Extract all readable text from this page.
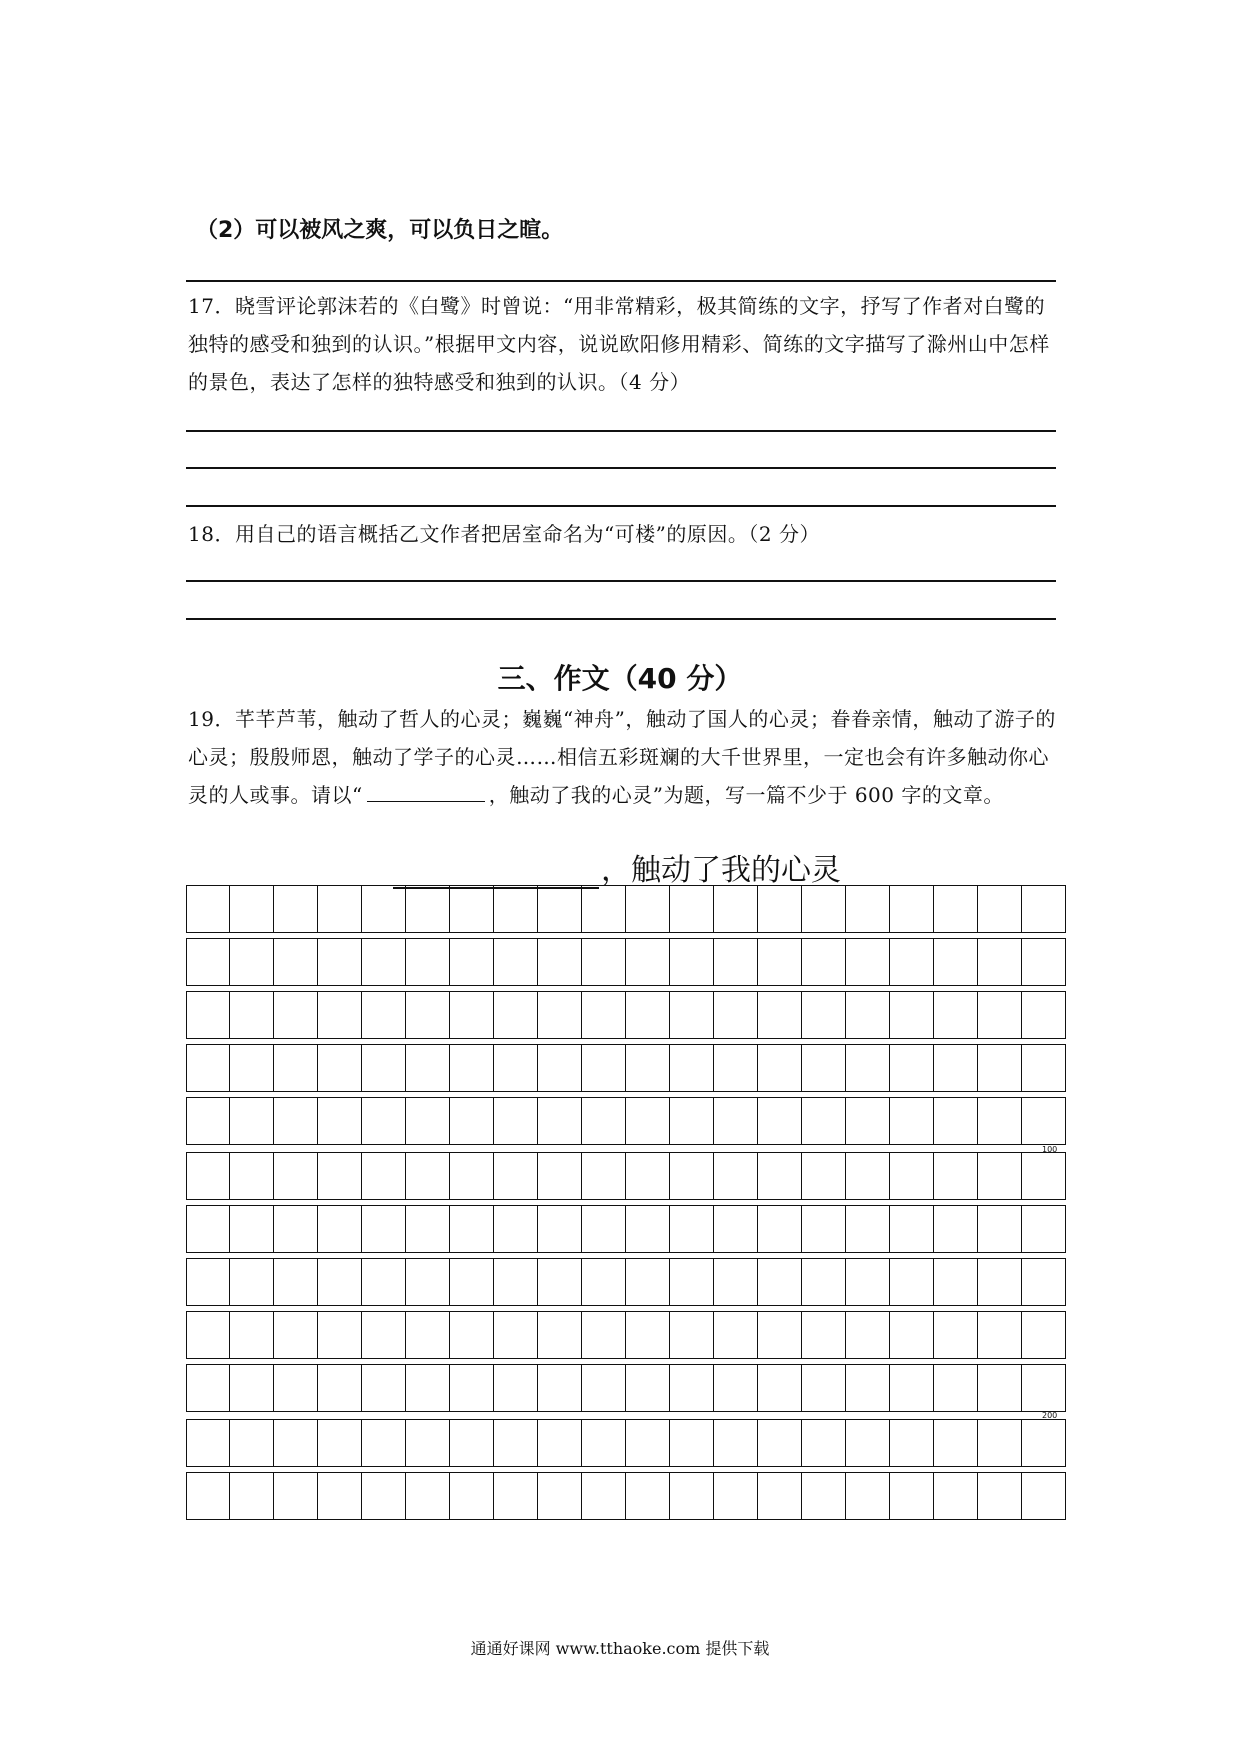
（2）可以被风之爽，可以负日之暄。
17．晓雪评论郭沫若的《白鹭》时曾说：“用非常精彩，极其简练的文字，抒写了作者对白鹭的独特的感受和独到的认识。”根据甲文内容，说说欧阳修用精彩、简练的文字描写了滁州山中怎样的景色，表达了怎样的独特感受和独到的认识。（4 分）
18．用自己的语言概括乙文作者把居室命名为“可楼”的原因。（2 分）
三、作文（40 分）
19．芊芊芦苇，触动了哲人的心灵；巍巍“神舟”，触动了国人的心灵；眷眷亲情，触动了游子的心灵；殷殷师恩，触动了学子的心灵……相信五彩斑斓的大千世界里，一定也会有许多触动你心灵的人或事。请以“	，触动了我的心灵”为题，写一篇不少于 600 字的文章。
，触动了我的心灵
100
200
通通好课网 www.tthaoke.com 提供下载
